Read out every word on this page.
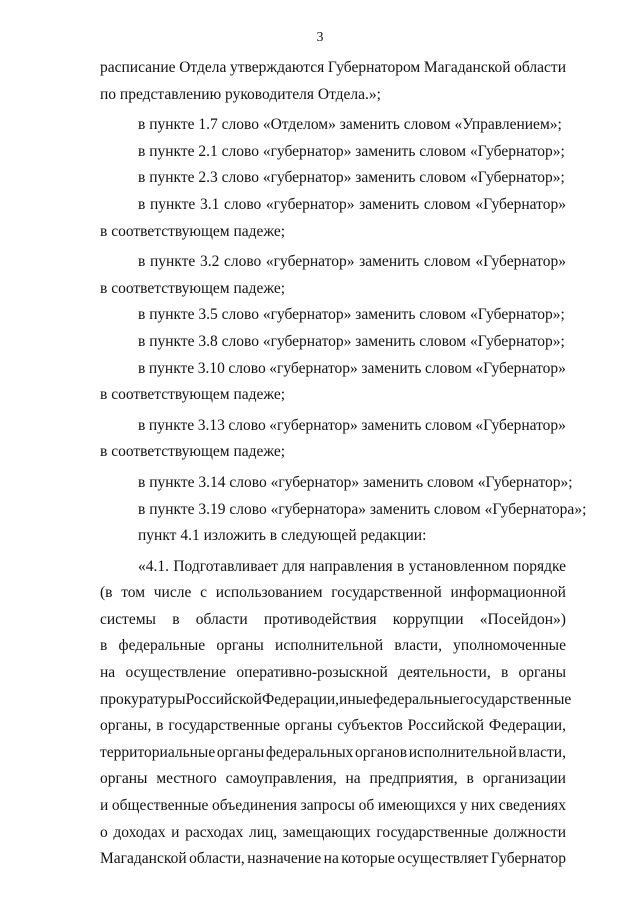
3
расписание Отдела утверждаются Губернатором Магаданской области
по представлению руководителя Отдела.»;
в пункте 1.7 слово «Отделом» заменить словом «Управлением»;
в пункте 2.1 слово «губернатор» заменить словом «Губернатор»;
в пункте 2.3 слово «губернатор» заменить словом «Губернатор»;
в пункте 3.1 слово «губернатор» заменить словом «Губернатор»
в соответствующем падеже;
в пункте 3.2 слово «губернатор» заменить словом «Губернатор»
в соответствующем падеже;
в пункте 3.5 слово «губернатор» заменить словом «Губернатор»;
в пункте 3.8 слово «губернатор» заменить словом «Губернатор»;
в пункте 3.10 слово «губернатор» заменить словом «Губернатор»
в соответствующем падеже;
в пункте 3.13 слово «губернатор» заменить словом «Губернатор»
в соответствующем падеже;
в пункте 3.14 слово «губернатор» заменить словом «Губернатор»;
в пункте 3.19 слово «губернатора» заменить словом «Губернатора»;
пункт 4.1 изложить в следующей редакции:
«4.1. Подготавливает для направления в установленном порядке
(в том числе с использованием государственной информационной
системы в области противодействия коррупции «Посейдон»)
в федеральные органы исполнительной власти, уполномоченные
на осуществление оперативно-розыскной деятельности, в органы
прокуратуры Российской Федерации, иные федеральные государственные
органы, в государственные органы субъектов Российской Федерации,
территориальные органы федеральных органов исполнительной власти,
органы местного самоуправления, на предприятия, в организации
и общественные объединения запросы об имеющихся у них сведениях
о доходах и расходах лиц, замещающих государственные должности
Магаданской области, назначение на которые осуществляет Губернатор
